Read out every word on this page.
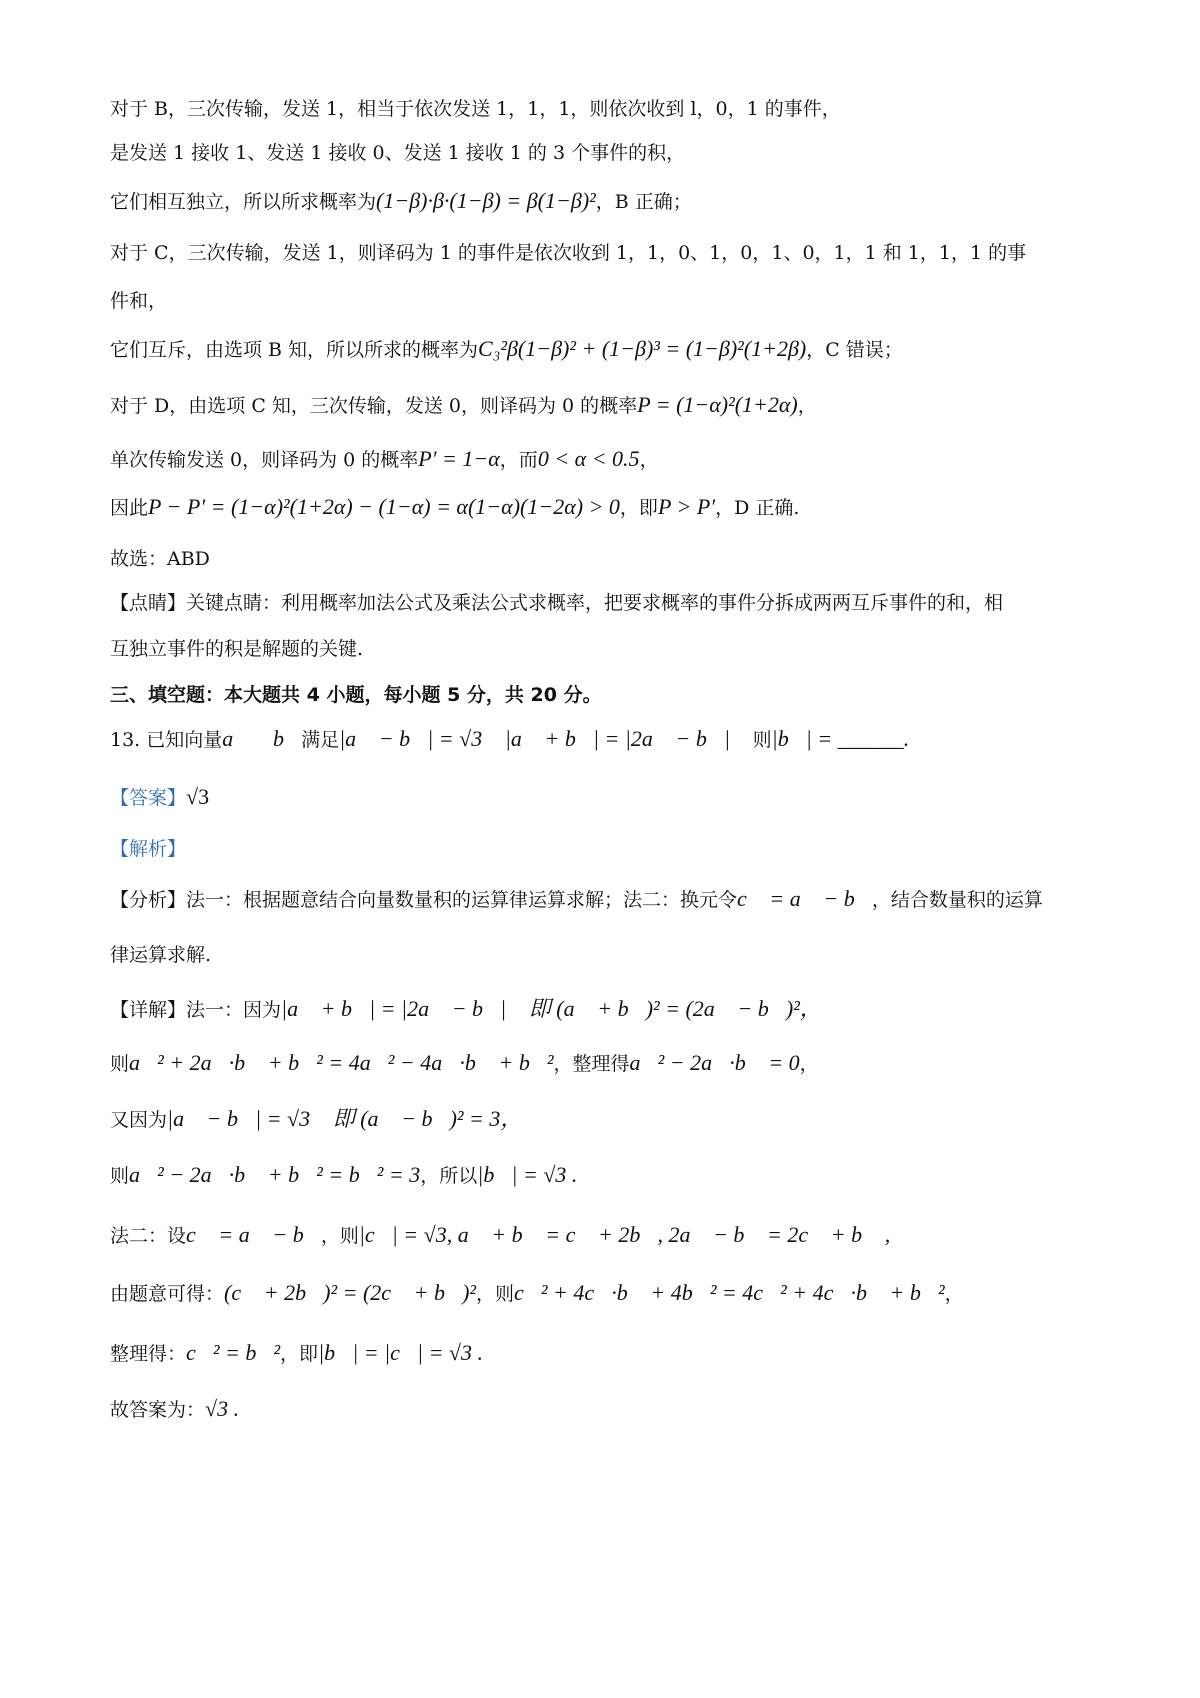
对于 B，三次传输，发送 1，相当于依次发送 1，1，1，则依次收到 l，0，1 的事件，
是发送 1 接收 1、发送 1 接收 0、发送 1 接收 1 的 3 个事件的积，
它们相互独立，所以所求概率为(1−β)·β·(1−β) = β(1−β)²，B 正确；
对于 C，三次传输，发送 1，则译码为 1 的事件是依次收到 1，1，0、1，0，1、0，1，1 和 1，1，1 的事
件和，
它们互斥，由选项 B 知，所以所求的概率为C₃²β(1−β)² + (1−β)³ = (1−β)²(1+2β)，C 错误；
对于 D，由选项 C 知，三次传输，发送 0，则译码为 0 的概率P = (1−α)²(1+2α)，
单次传输发送 0，则译码为 0 的概率P′ = 1−α，而0 < α < 0.5，
因此P − P′ = (1−α)²(1+2α) − (1−α) = α(1−α)(1−2α) > 0，即P > P′，D 正确.
故选：ABD
【点睛】关键点睛：利用概率加法公式及乘法公式求概率，把要求概率的事件分拆成两两互斥事件的和，相
互独立事件的积是解题的关键.
三、填空题：本大题共 4 小题，每小题 5 分，共 20 分。
13. 已知向量a⃗ ，b⃗满足|a⃗ − b⃗| = √3 ，|a⃗ + b⃗| = |2a⃗ − b⃗| ，则|b⃗| = ______.
【答案】√3
【解析】
【分析】法一：根据题意结合向量数量积的运算律运算求解；法二：换元令c⃗ = a⃗ − b⃗，结合数量积的运算
律运算求解.
【详解】法一：因为|a⃗ + b⃗| = |2a⃗ − b⃗| ，即 (a⃗ + b⃗)² = (2a⃗ − b⃗)²，
则a⃗² + 2a⃗·b⃗ + b⃗² = 4a⃗² − 4a⃗·b⃗ + b⃗²，整理得a⃗² − 2a⃗·b⃗ = 0，
又因为|a⃗ − b⃗| = √3 ，即 (a⃗ − b⃗)² = 3，
则a⃗² − 2a⃗·b⃗ + b⃗² = b⃗² = 3，所以|b⃗| = √3 .
法二：设c⃗ = a⃗ − b⃗，则|c⃗| = √3, a⃗ + b⃗ = c⃗ + 2b⃗, 2a⃗ − b⃗ = 2c⃗ + b⃗ ,
由题意可得：(c⃗ + 2b⃗)² = (2c⃗ + b⃗)²，则c⃗² + 4c⃗·b⃗ + 4b⃗² = 4c⃗² + 4c⃗·b⃗ + b⃗²，
整理得：c⃗² = b⃗²，即|b⃗| = |c⃗| = √3 .
故答案为：√3 .
